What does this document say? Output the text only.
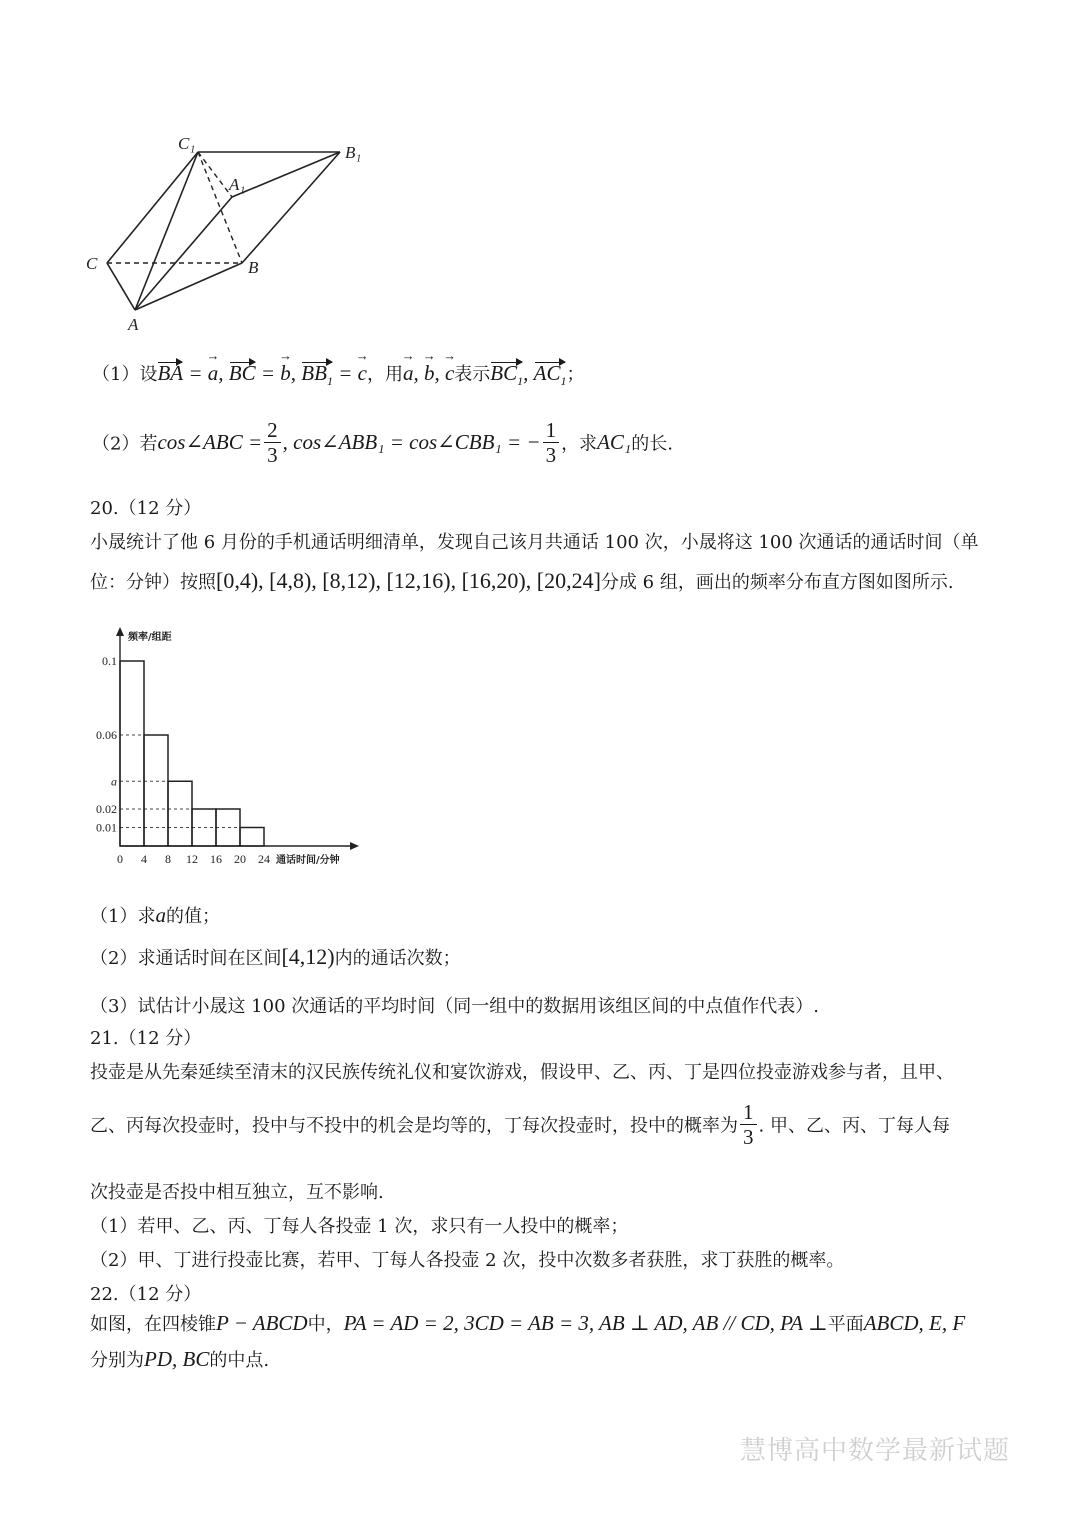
C₁	B₁
A₁
C	B
A
（1）设BA = → a, BC = → b, $BB_1$ = → c，用→ a, → b, → c表示$BC_1$, $AC_1$；
（2）若cos∠ABC = $\frac{2}{3}$ , cos∠ABB₁ = cos∠CBB₁ = − $\frac{1}{3}$ ，求AC₁的长.
20.（12 分）
小晟统计了他 6 月份的手机通话明细清单，发现自己该月共通话 100 次，小晟将这 100 次通话的通话时间（单
位：分钟）按照[0,4), [4,8), [8,12), [12,16), [16,20), [20,24]分成 6 组，画出的频率分布直方图如图所示.
0.1
0.06
a
0.02
0.01
0 4 8 12 16 20 24
频率/组距
通话时间/分钟
（1）求a的值；
（2）求通话时间在区间[4,12)内的通话次数；
（3）试估计小晟这 100 次通话的平均时间（同一组中的数据用该组区间的中点值作代表）.
21.（12 分）
投壶是从先秦延续至清末的汉民族传统礼仪和宴饮游戏，假设甲、乙、丙、丁是四位投壶游戏参与者，且甲、
乙、丙每次投壶时，投中与不投中的机会是均等的，丁每次投壶时，投中的概率为 $\frac{1}{3}$ . 甲、乙、丙、丁每人每
次投壶是否投中相互独立，互不影响.
（1）若甲、乙、丙、丁每人各投壶 1 次，求只有一人投中的概率；
（2）甲、丁进行投壶比赛，若甲、丁每人各投壶 2 次，投中次数多者获胜，求丁获胜的概率。
22.（12 分）
如图，在四棱锥P − ABCD中，PA = AD = 2, 3CD = AB = 3, AB ⊥ AD, AB // CD, PA ⊥平面ABCD, E, F
分别为PD, BC的中点.
慧博高中数学最新试题
